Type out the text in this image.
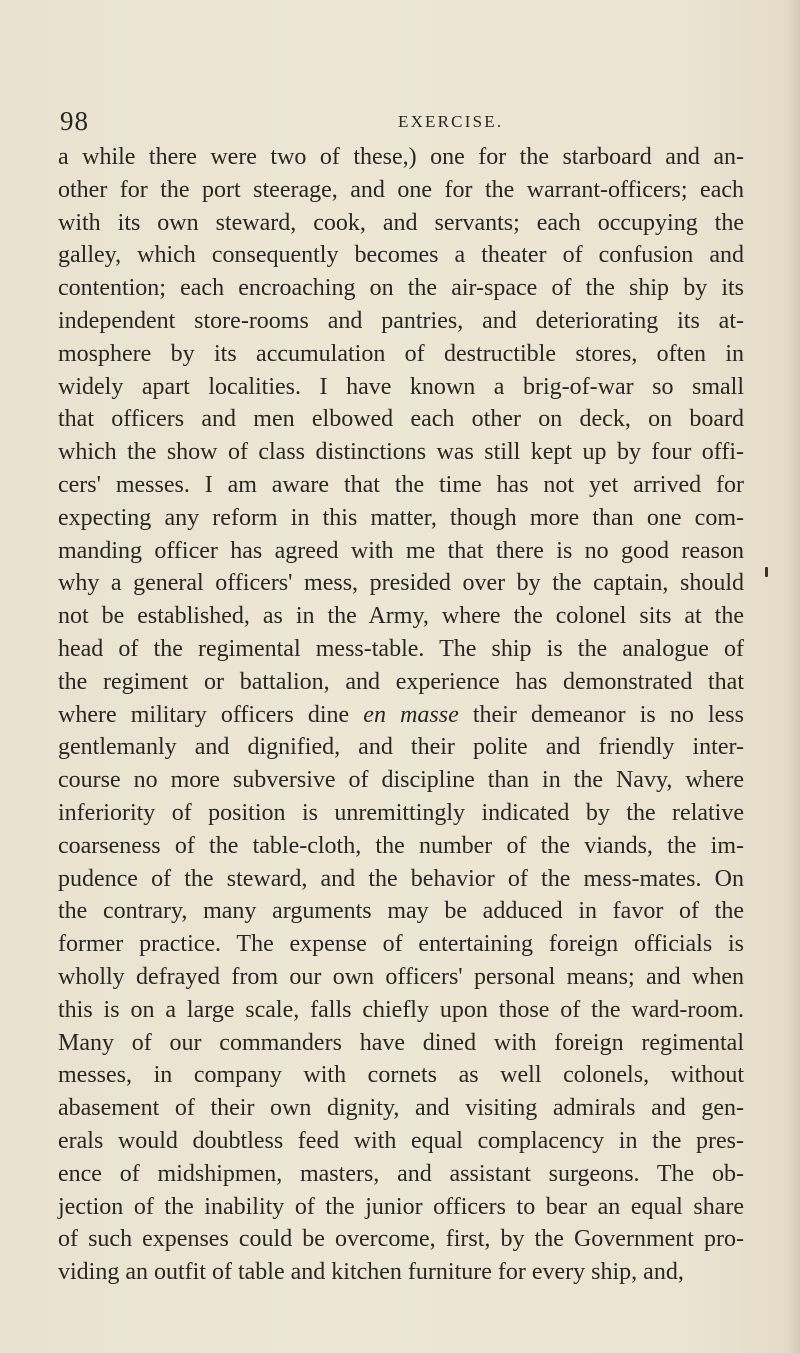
98	EXERCISE.
a while there were two of these,) one for the starboard and an-
other for the port steerage, and one for the warrant-officers; each
with its own steward, cook, and servants; each occupying the
galley, which consequently becomes a theater of confusion and
contention; each encroaching on the air-space of the ship by its
independent store-rooms and pantries, and deteriorating its at-
mosphere by its accumulation of destructible stores, often in
widely apart localities. I have known a brig-of-war so small
that officers and men elbowed each other on deck, on board
which the show of class distinctions was still kept up by four offi-
cers' messes. I am aware that the time has not yet arrived for
expecting any reform in this matter, though more than one com-
manding officer has agreed with me that there is no good reason
why a general officers' mess, presided over by the captain, should
not be established, as in the Army, where the colonel sits at the
head of the regimental mess-table. The ship is the analogue of
the regiment or battalion, and experience has demonstrated that
where military officers dine en masse their demeanor is no less
gentlemanly and dignified, and their polite and friendly inter-
course no more subversive of discipline than in the Navy, where
inferiority of position is unremittingly indicated by the relative
coarseness of the table-cloth, the number of the viands, the im-
pudence of the steward, and the behavior of the mess-mates. On
the contrary, many arguments may be adduced in favor of the
former practice. The expense of entertaining foreign officials is
wholly defrayed from our own officers' personal means; and when
this is on a large scale, falls chiefly upon those of the ward-room.
Many of our commanders have dined with foreign regimental
messes, in company with cornets as well colonels, without
abasement of their own dignity, and visiting admirals and gen-
erals would doubtless feed with equal complacency in the pres-
ence of midshipmen, masters, and assistant surgeons. The ob-
jection of the inability of the junior officers to bear an equal share
of such expenses could be overcome, first, by the Government pro-
viding an outfit of table and kitchen furniture for every ship, and,
